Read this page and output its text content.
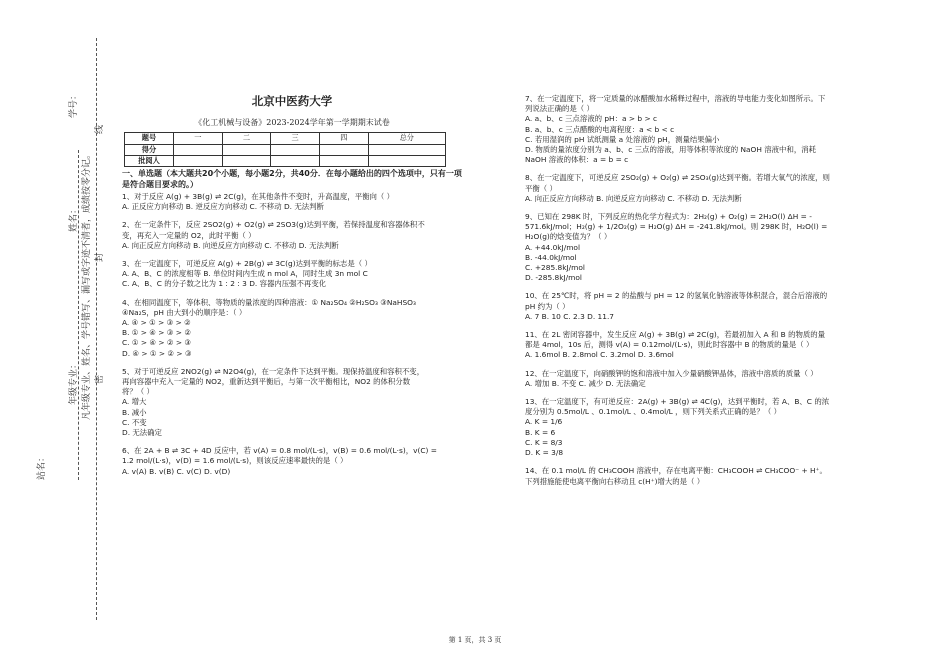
学号：
姓名： 凡年级专业、姓名、学号错写、漏写或字迹不清者，成绩按零分记。
年级专业：
线
封
密
站名：
北京中医药大学
《化工机械与设备》2023-2024学年第一学期期末试卷
题号	一	二	三	四	总分
得分					
批阅人					
一、单选题（本大题共20个小题，每小题2分，共40分．在每小题给出的四个选项中，只有一项是符合题目要求的。）

1、对于反应 A(g) + 3B(g) ⇌ 2C(g)，在其他条件不变时，升高温度，平衡向（ ）

A. 正反应方向移动 B. 逆反应方向移动 C. 不移动 D. 无法判断

2、在一定条件下，反应 2SO2(g) + O2(g) ⇌ 2SO3(g)达到平衡，若保持温度和容器体积不

变，再充入一定量的 O2，此时平衡（ ）

A. 向正反应方向移动 B. 向逆反应方向移动 C. 不移动 D. 无法判断

3、在一定温度下，可逆反应 A(g) + 2B(g) ⇌ 3C(g)达到平衡的标志是（ ）

A. A、B、C 的浓度相等 B. 单位时间内生成 n mol A，同时生成 3n mol C

C. A、B、C 的分子数之比为 1 : 2 : 3 D. 容器内压强不再变化

4、在相同温度下，等体积、等物质的量浓度的四种溶液：① Na₂SO₄ ②H₂SO₃ ③NaHSO₃

④Na₂S，pH 由大到小的顺序是：（ ）

A. ④ > ① > ③ > ②

B. ① > ④ > ③ > ②

C. ① > ④ > ② > ③

D. ④ > ① > ② > ③

5、对于可逆反应 2NO2(g) ⇌ N2O4(g)，在一定条件下达到平衡。现保持温度和容积不变，

再向容器中充入一定量的 NO2，重新达到平衡后，与第一次平衡相比，NO2 的体积分数

将？（ ）

A. 增大

B. 减小

C. 不变

D. 无法确定

6、在 2A + B ⇌ 3C + 4D 反应中，若 v(A) = 0.8 mol/(L·s)，v(B) = 0.6 mol/(L·s)，v(C) =

1.2 mol/(L·s)，v(D) = 1.6 mol/(L·s)，则该反应速率最快的是（ ）

A. v(A) B. v(B) C. v(C) D. v(D)

7、在一定温度下，将一定质量的冰醋酸加水稀释过程中，溶液的导电能力变化如图所示。下

列说法正确的是（ ）

A. a、b、c 三点溶液的 pH：a > b > c

B. a、b、c 三点醋酸的电离程度：a < b < c

C. 若用湿润的 pH 试纸测量 a 处溶液的 pH，测量结果偏小

D. 物质的量浓度分别为 a、b、c 三点的溶液，用等体积等浓度的 NaOH 溶液中和，消耗

NaOH 溶液的体积：a = b = c

8、在一定温度下，可逆反应 2SO₂(g) + O₂(g) ⇌ 2SO₃(g)达到平衡。若增大氧气的浓度，则

平衡（ ）

A. 向正反应方向移动 B. 向逆反应方向移动 C. 不移动 D. 无法判断

9、已知在 298K 时，下列反应的热化学方程式为：2H₂(g) + O₂(g) = 2H₂O(l) ΔH = -

571.6kJ/mol；H₂(g) + 1/2O₂(g) = H₂O(g) ΔH = -241.8kJ/mol。则 298K 时，H₂O(l) =

H₂O(g)的焓变值为？（ ）

A. +44.0kJ/mol

B. -44.0kJ/mol

C. +285.8kJ/mol

D. -285.8kJ/mol

10、在 25℃时，将 pH = 2 的盐酸与 pH = 12 的氢氧化钠溶液等体积混合，混合后溶液的

pH 约为（ ）

A. 7 B. 10 C. 2.3 D. 11.7

11、在 2L 密闭容器中，发生反应 A(g) + 3B(g) ⇌ 2C(g)，若最初加入 A 和 B 的物质的量

都是 4mol，10s 后，测得 v(A) = 0.12mol/(L·s)，则此时容器中 B 的物质的量是（ ）

A. 1.6mol B. 2.8mol C. 3.2mol D. 3.6mol

12、在一定温度下，向硝酸钾的饱和溶液中加入少量硝酸钾晶体，溶液中溶质的质量（ ）

A. 增加 B. 不变 C. 减少 D. 无法确定

13、在一定温度下，有可逆反应：2A(g) + 3B(g) ⇌ 4C(g)，达到平衡时，若 A、B、C 的浓

度分别为 0.5mol/L 、0.1mol/L 、0.4mol/L ，则下列关系式正确的是？（ ）

A. K = 1/6

B. K = 6

C. K = 8/3

D. K = 3/8

14、在 0.1 mol/L 的 CH₃COOH 溶液中，存在电离平衡：CH₃COOH ⇌ CH₃COO⁻ + H⁺。

下列措施能使电离平衡向右移动且 c(H⁺)增大的是（ ）

第 1 页，共 3 页
